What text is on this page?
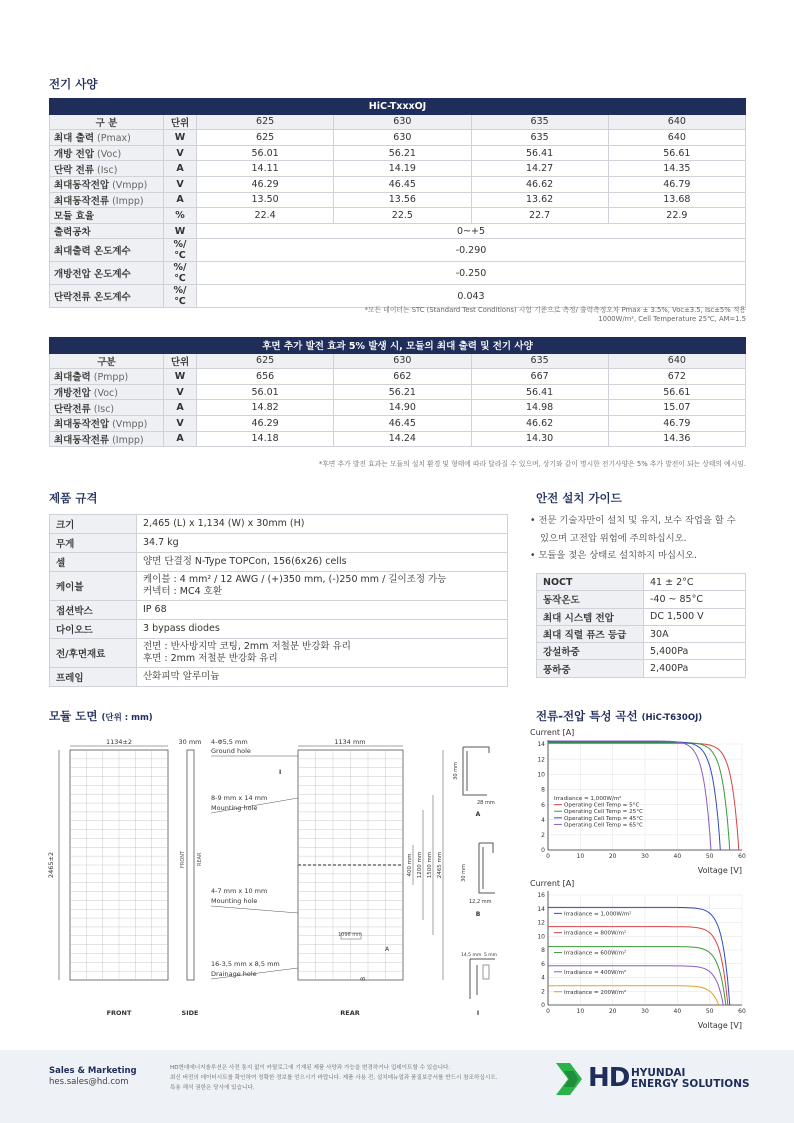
전기 사양
HiC-TxxxOJ					
구 분	단위	625	630	635	640
최대 출력 (Pmax)	W	625	630	635	640
개방 전압 (Voc)	V	56.01	56.21	56.41	56.61
단락 전류 (Isc)	A	14.11	14.19	14.27	14.35
최대동작전압 (Vmpp)	V	46.29	46.45	46.62	46.79
최대동작전류 (Impp)	A	13.50	13.56	13.62	13.68
모듈 효율	%	22.4	22.5	22.7	22.9
출력공차	W	0~+5			
최대출력 온도계수	%/℃	-0.290			
개방전압 온도계수	%/℃	-0.250			
단락전류 온도계수	%/℃	0.043			
*모든 데이터는 STC (Standard Test Conditions) 시험 기준으로 측정/ 출력측정오차 Pmax ± 3.5%, Voc±3.5, Isc±5% 적용
1000W/m², Cell Temperature 25℃, AM=1.5
후면 추가 발전 효과 5% 발생 시, 모듈의 최대 출력 및 전기 사양					
구분	단위	625	630	635	640
최대출력 (Pmpp)	W	656	662	667	672
개방전압 (Voc)	V	56.01	56.21	56.41	56.61
단락전류 (Isc)	A	14.82	14.90	14.98	15.07
최대동작전압 (Vmpp)	V	46.29	46.45	46.62	46.79
최대동작전류 (Impp)	A	14.18	14.24	14.30	14.36
*후면 추가 발전 효과는 모듈의 설치 환경 및 형태에 따라 달라질 수 있으며, 상기와 같이 명시한 전기사양은 5% 추가 발전이 되는 상태의 예시임.
제품 규격
크기	2,465 (L) x 1,134 (W) x 30mm (H)

무게	34.7 kg

셀	양면 단결정 N-Type TOPCon, 156(6x26) cells

케이블	케이블 : 4 mm² / 12 AWG / (+)350 mm, (-)250 mm / 길이조정 가능
커넥터 : MC4 호환

접션박스	IP 68

다이오드	3 bypass diodes

전/후면재료	전면 : 반사방지막 코팅, 2mm 저철분 반강화 유리
후면 : 2mm 저철분 반강화 유리

프레임	산화피막 알루미늄
안전 설치 가이드
• 전문 기술자만이 설치 및 유지, 보수 작업을 할 수
있으며 고전압 위험에 주의하십시오.
• 모듈을 젖은 상태로 설치하지 마십시오.
NOCT	41 ± 2°C
동작온도	-40 ~ 85°C
최대 시스템 전압	DC 1,500 V
최대 직렬 퓨즈 등급	30A
강설하중	5,400Pa
풍하중	2,400Pa
모듈 도면 (단위 : mm)
1134±2
2465±2
FRONT
30 mm
FRONT REAR
SIDE
1134 mm
1096 mm
400 mm 1200 mm 1500 mm 2465 mm
REAR
A
B
I
4-Φ5,5 mm
Ground hole
8-9 mm x 14 mm
Mounting hole
4-7 mm x 10 mm
Mounting hole
16-3,5 mm x 8,5 mm
Drainage hole
30 mm
28 mm
A
30 mm
12,2 mm
B
14,5 mm 5 mm
I
전류-전압 특성 곡선 (HiC-T630OJ)
Current [A]
Voltage [V]
0
2
4
6
8
10
12
14
0	10	20	30	40	50	60
Irradiance = 1,000W/m²
Operating Cell Temp = 5°C
Operating Cell Temp = 25°C
Operating Cell Temp = 45°C
Operating Cell Temp = 65°C
Current [A]
Voltage [V]
0
2
4
6
8
10
12
14
16
0	10	20	30	40	50	60
Irradiance = 1,000W/m²
Irradiance = 800W/m²
Irradiance = 600W/m²
Irradiance = 400W/m²
Irradiance = 200W/m²
Sales & Marketing
hes.sales@hd.com
HD현대에너지솔루션은 사전 통지 없이 카탈로그에 기재된 제품 사양과 가능을 변경하거나 업데이트할 수 있습니다.
최신 버전의 데이터시트를 확인하여 정확한 정보를 얻으시기 바랍니다. 제품 사용 전, 설치매뉴얼과 품질보증서를 반드시 참조하십시오.
특용 해석 권한은 당사에 있습니다.	HD HYUNDAI
ENERGY SOLUTIONS
